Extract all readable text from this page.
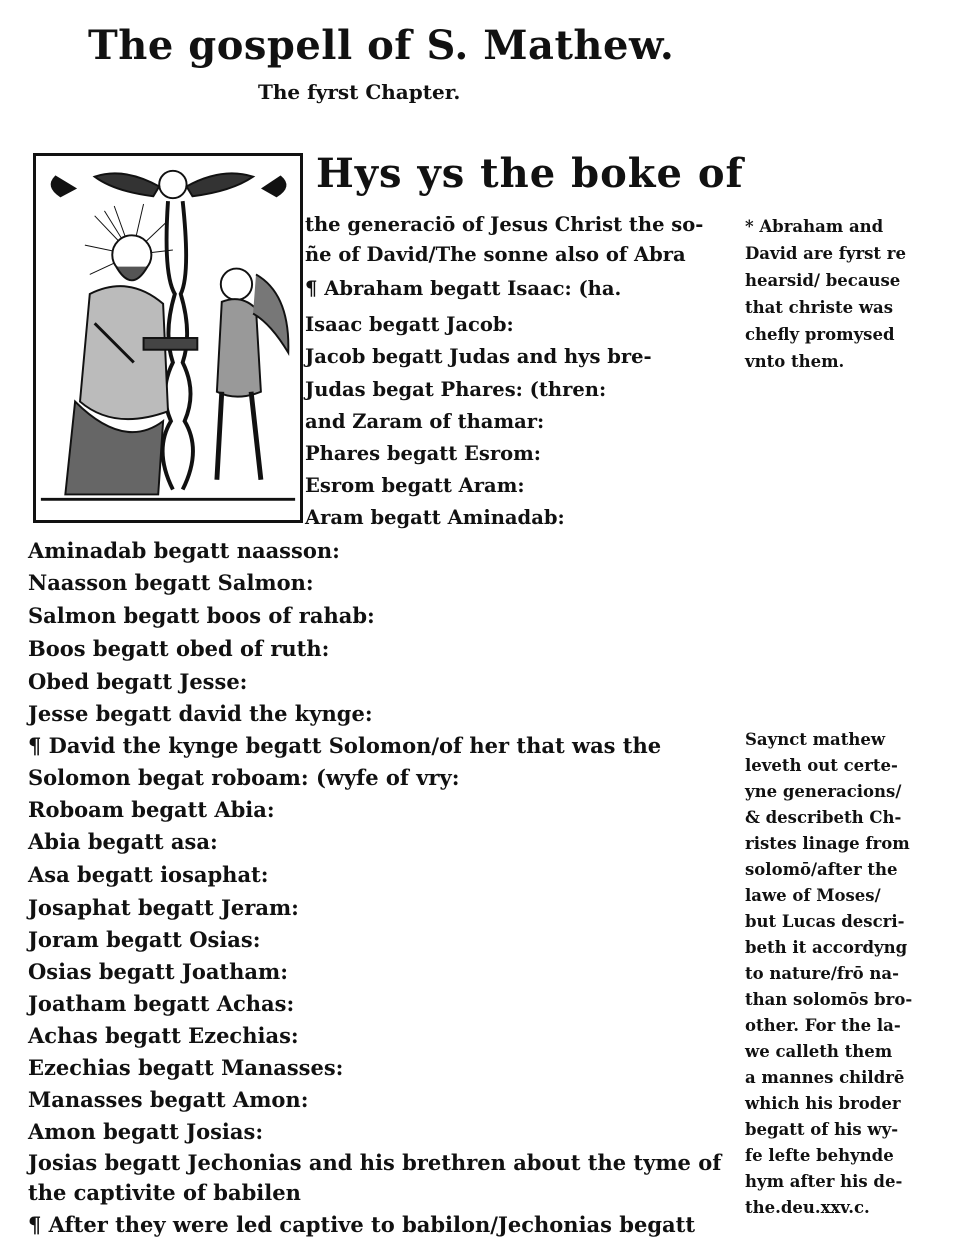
The gospell of S. Mathew.
The fyrst Chapter.
Hys ys the boke of
the generaciō of Jesus Christ the so-
ñe of David/The sonne also of Abra
¶ Abraham begatt Isaac: (ha.
Isaac begatt Jacob:
Jacob begatt Judas and hys bre-
Judas begat Phares: (thren:
and Zaram of thamar:
Phares begatt Esrom:
Esrom begatt Aram:
Aram begatt Aminadab:
Aminadab begatt naasson:
Naasson begatt Salmon:
Salmon begatt boos of rahab:
Boos begatt obed of ruth:
Obed begatt Jesse:
Jesse begatt david the kynge:
¶ David the kynge begatt Solomon/of her that was the
Solomon begat roboam: (wyfe of vry:
Roboam begatt Abia:
Abia begatt asa:
Asa begatt iosaphat:
Josaphat begatt Jeram:
Joram begatt Osias:
Osias begatt Joatham:
Joatham begatt Achas:
Achas begatt Ezechias:
Ezechias begatt Manasses:
Manasses begatt Amon:
Amon begatt Josias:
Josias begatt Jechonias and his brethren about the tyme of
the captivite of babilen
¶ After they were led captive to babilon/Jechonias begatt
* Abraham and
David are fyrst re
hearsid/ because
that christe was
chefly promysed
vnto them.
Saynct mathew
leveth out certe-
yne generacions/
& describeth Ch-
ristes linage from
solomō/after the
lawe of Moses/
but Lucas descri-
beth it accordyng
to nature/frō na-
than solomōs bro-
other. For the la-
we calleth them
a mannes childrē
which his broder
begatt of his wy-
fe lefte behynde
hym after his de-
the.deu.xxv.c.
